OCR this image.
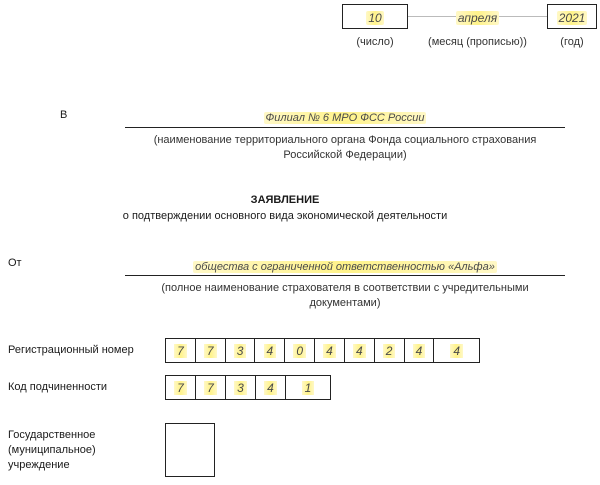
10	апреля	2021
(число)	(месяц (прописью))	(год)
В	Филиал № 6 МРО ФСС России
(наименование территориального органа Фонда социального страхования
Российской Федерации)
ЗАЯВЛЕНИЕ
о подтверждении основного вида экономической деятельности
От	общества с ограниченной ответственностью «Альфа»
(полное наименование страхователя в соответствии с учредительными
документами)
Регистрационный номер	7 7 3 4 0 4 4 2 4	4
Код подчиненности	7 7 3 4	1
Государственное
(муниципальное)
учреждение
